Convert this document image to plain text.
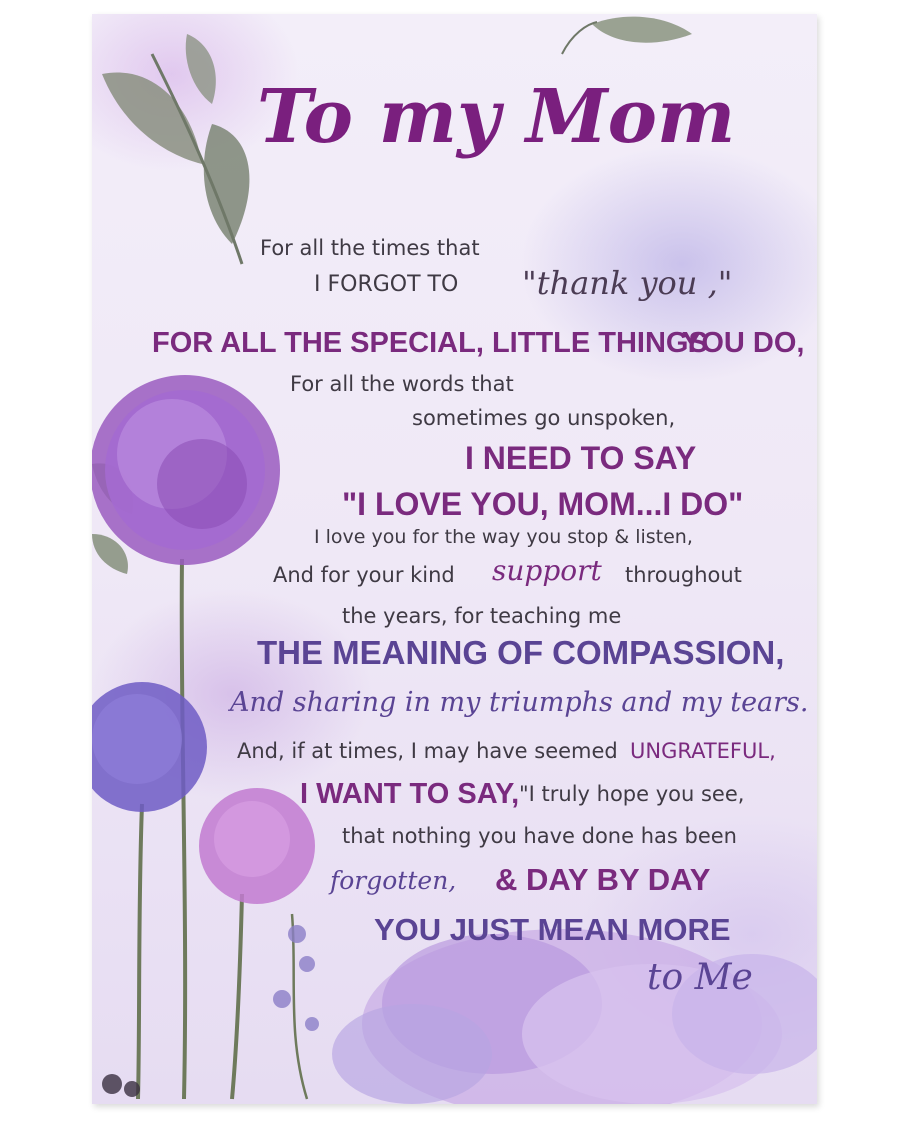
To my Mom

For all the times that

I FORGOT TO "thank you ,"

FOR ALL THE SPECIAL, LITTLE THINGS

YOU DO,

For all the words that

sometimes go unspoken,

I NEED TO SAY

"I LOVE YOU, MOM...I DO"

I love you for the way you stop & listen,

And for your kind support throughout

the years, for teaching me

THE MEANING OF COMPASSION,

And sharing in my triumphs and my tears.

And, if at times, I may have seemed UNGRATEFUL,

I WANT TO SAY, "I truly hope you see,

that nothing you have done has been

forgotten, & DAY BY DAY

YOU JUST MEAN MORE

to Me
